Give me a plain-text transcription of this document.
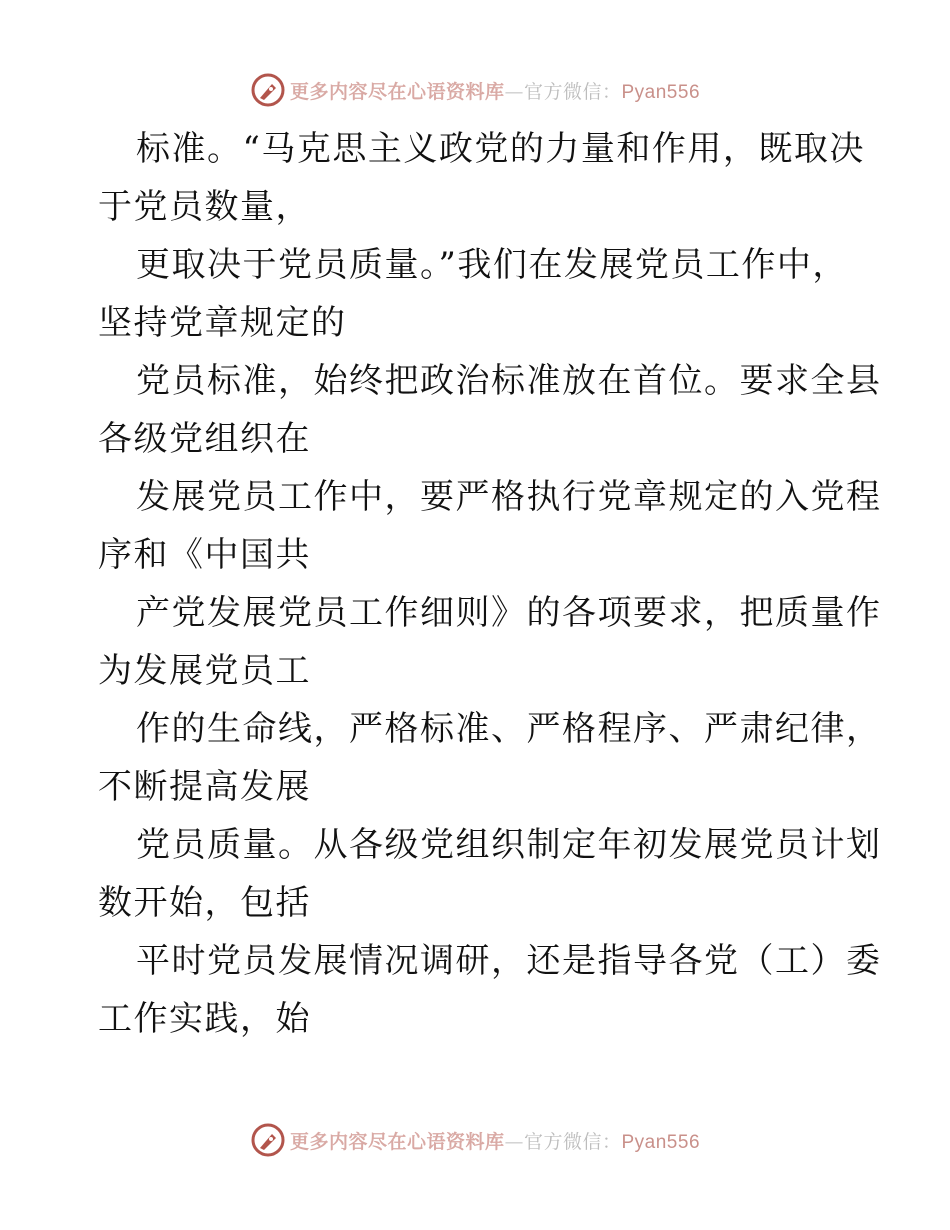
更多内容尽在心语资料库—官方微信：Pyan556
标准。“马克思主义政党的力量和作用，既取决
于党员数量，
更取决于党员质量。”我们在发展党员工作中，
坚持党章规定的
党员标准，始终把政治标准放在首位。要求全县
各级党组织在
发展党员工作中，要严格执行党章规定的入党程
序和《中国共
产党发展党员工作细则》的各项要求，把质量作
为发展党员工
作的生命线，严格标准、严格程序、严肃纪律，
不断提高发展
党员质量。从各级党组织制定年初发展党员计划
数开始，包括
平时党员发展情况调研，还是指导各党（工）委
工作实践，始
更多内容尽在心语资料库—官方微信：Pyan556
